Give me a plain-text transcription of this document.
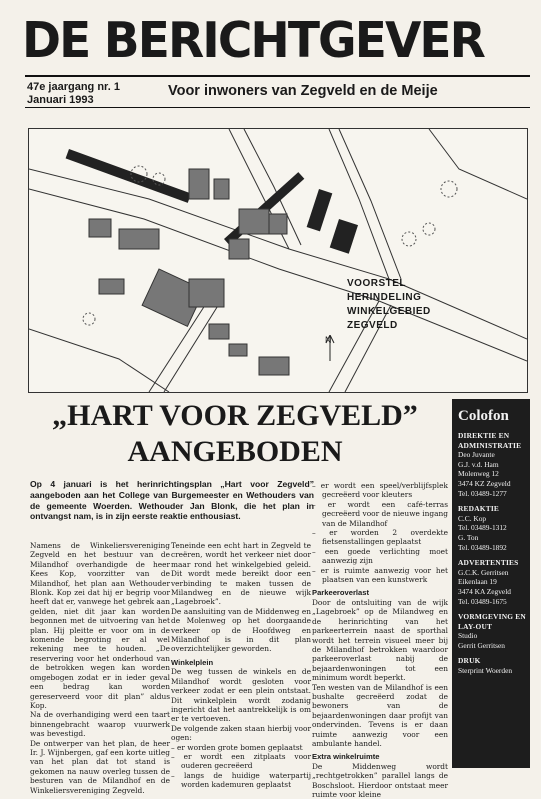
DE BERICHTGEVER
47e jaargang nr. 1
Januari 1993
Voor inwoners van Zegveld en de Meije
VOORSTEL
HERINDELING
WINKELGEBIED
ZEGVELD
N
„HART VOOR ZEGVELD”
AANGEBODEN
Op 4 januari is het herinrichtingsplan „Hart voor Zegveld” aangeboden aan het College van Burgemeester en Wethouders van de gemeente Woerden. Wethouder Jan Blonk, die het plan in ontvangst nam, is in zijn eerste reaktie enthousiast.

Namens de Winkeliersvereniging Zegveld en het bestuur van de Milandhof overhandigde de heer Kees Kop, voorzitter van de Milandhof, het plan aan Wethouder Blonk. Kop zei dat hij er begrip voor heeft dat er, vanwege het gebrek aan gelden, niet dit jaar kan worden begonnen met de uitvoering van het plan. Hij pleitte er voor om in de komende begroting er al wel rekening mee te houden. „De reservering voor het onderhoud van de betrokken wegen kan worden omgebogen zodat er in ieder geval een bedrag kan worden gereserveerd voor dit plan” aldus Kop.

Na de overhandiging werd een taart binnengebracht waarop vuurwerk was bevestigd.

De ontwerper van het plan, de heer Ir. J. Wijnbergen, gaf een korte uitleg van het plan dat tot stand is gekomen na nauw overleg tussen de besturen van de Milandhof en de Winkeliersvereniging Zegveld.

Teneinde een echt hart in Zegveld te creëren, wordt het verkeer niet door maar rond het winkelgebied geleid. Dit wordt mede bereikt door een verbinding te maken tussen de Milandweg en de nieuwe wijk „Lagebroek”.

De aansluiting van de Middenweg en de Molenweg op het doorgaande verkeer op de Hoofdweg en Milandhof is in dit plan overzichtelijker geworden.

Winkelplein

De weg tussen de winkels en de Milandhof wordt gesloten voor verkeer zodat er een plein ontstaat. Dit winkelplein wordt zodanig ingericht dat het aantrekkelijk is om er te vertoeven.

De volgende zaken staan hierbij voor ogen:

– er worden grote bomen geplaatst
– er wordt een zitplaats voor ouderen gecreëerd
– langs de huidige waterpartij worden kademuren geplaatst
– er wordt een speel/verblijfsplek gecreëerd voor kleuters
– er wordt een café-terras gecreëerd voor de nieuwe ingang van de Milandhof
– er worden 2 overdekte fietsenstallingen geplaatst
– een goede verlichting moet aanwezig zijn
– er is ruimte aanwezig voor het plaatsen van een kunstwerk

Parkeeroverlast

Door de ontsluiting van de wijk „Lagebroek” op de Milandweg en de herinrichting van het parkeerterrein naast de sporthal wordt het terrein visueel meer bij de Milandhof betrokken waardoor parkeeroverlast nabij de bejaardenwoningen tot een minimum wordt beperkt.

Ten westen van de Milandhof is een bushalte gecreëerd zodat de bewoners van de bejaardenwoningen daar profijt van ondervinden. Tevens is er daan ruimte aanwezig voor een ambulante handel.

Extra winkelruimte

De Middenweg wordt „rechtgetrokken” parallel langs de Boschsloot. Hierdoor ontstaat meer ruimte voor kleine

Colofon
DIREKTIE EN ADMINISTRATIE
Deo Juvante
G.J. v.d. Ham
Molenweg 12
3474 KZ Zegveld
Tel. 03489-1277
REDAKTIE
C.C. Kop
Tel. 03489-1312
G. Ton
Tel. 03489-1892
ADVERTENTIES
G.C.K. Gerritsen
Eikenlaan 19
3474 KA Zegveld
Tel. 03489-1675
VORMGEVING EN LAY-OUT
Studio
Gerrit Gerritsen
DRUK
Sterprint Woerden
